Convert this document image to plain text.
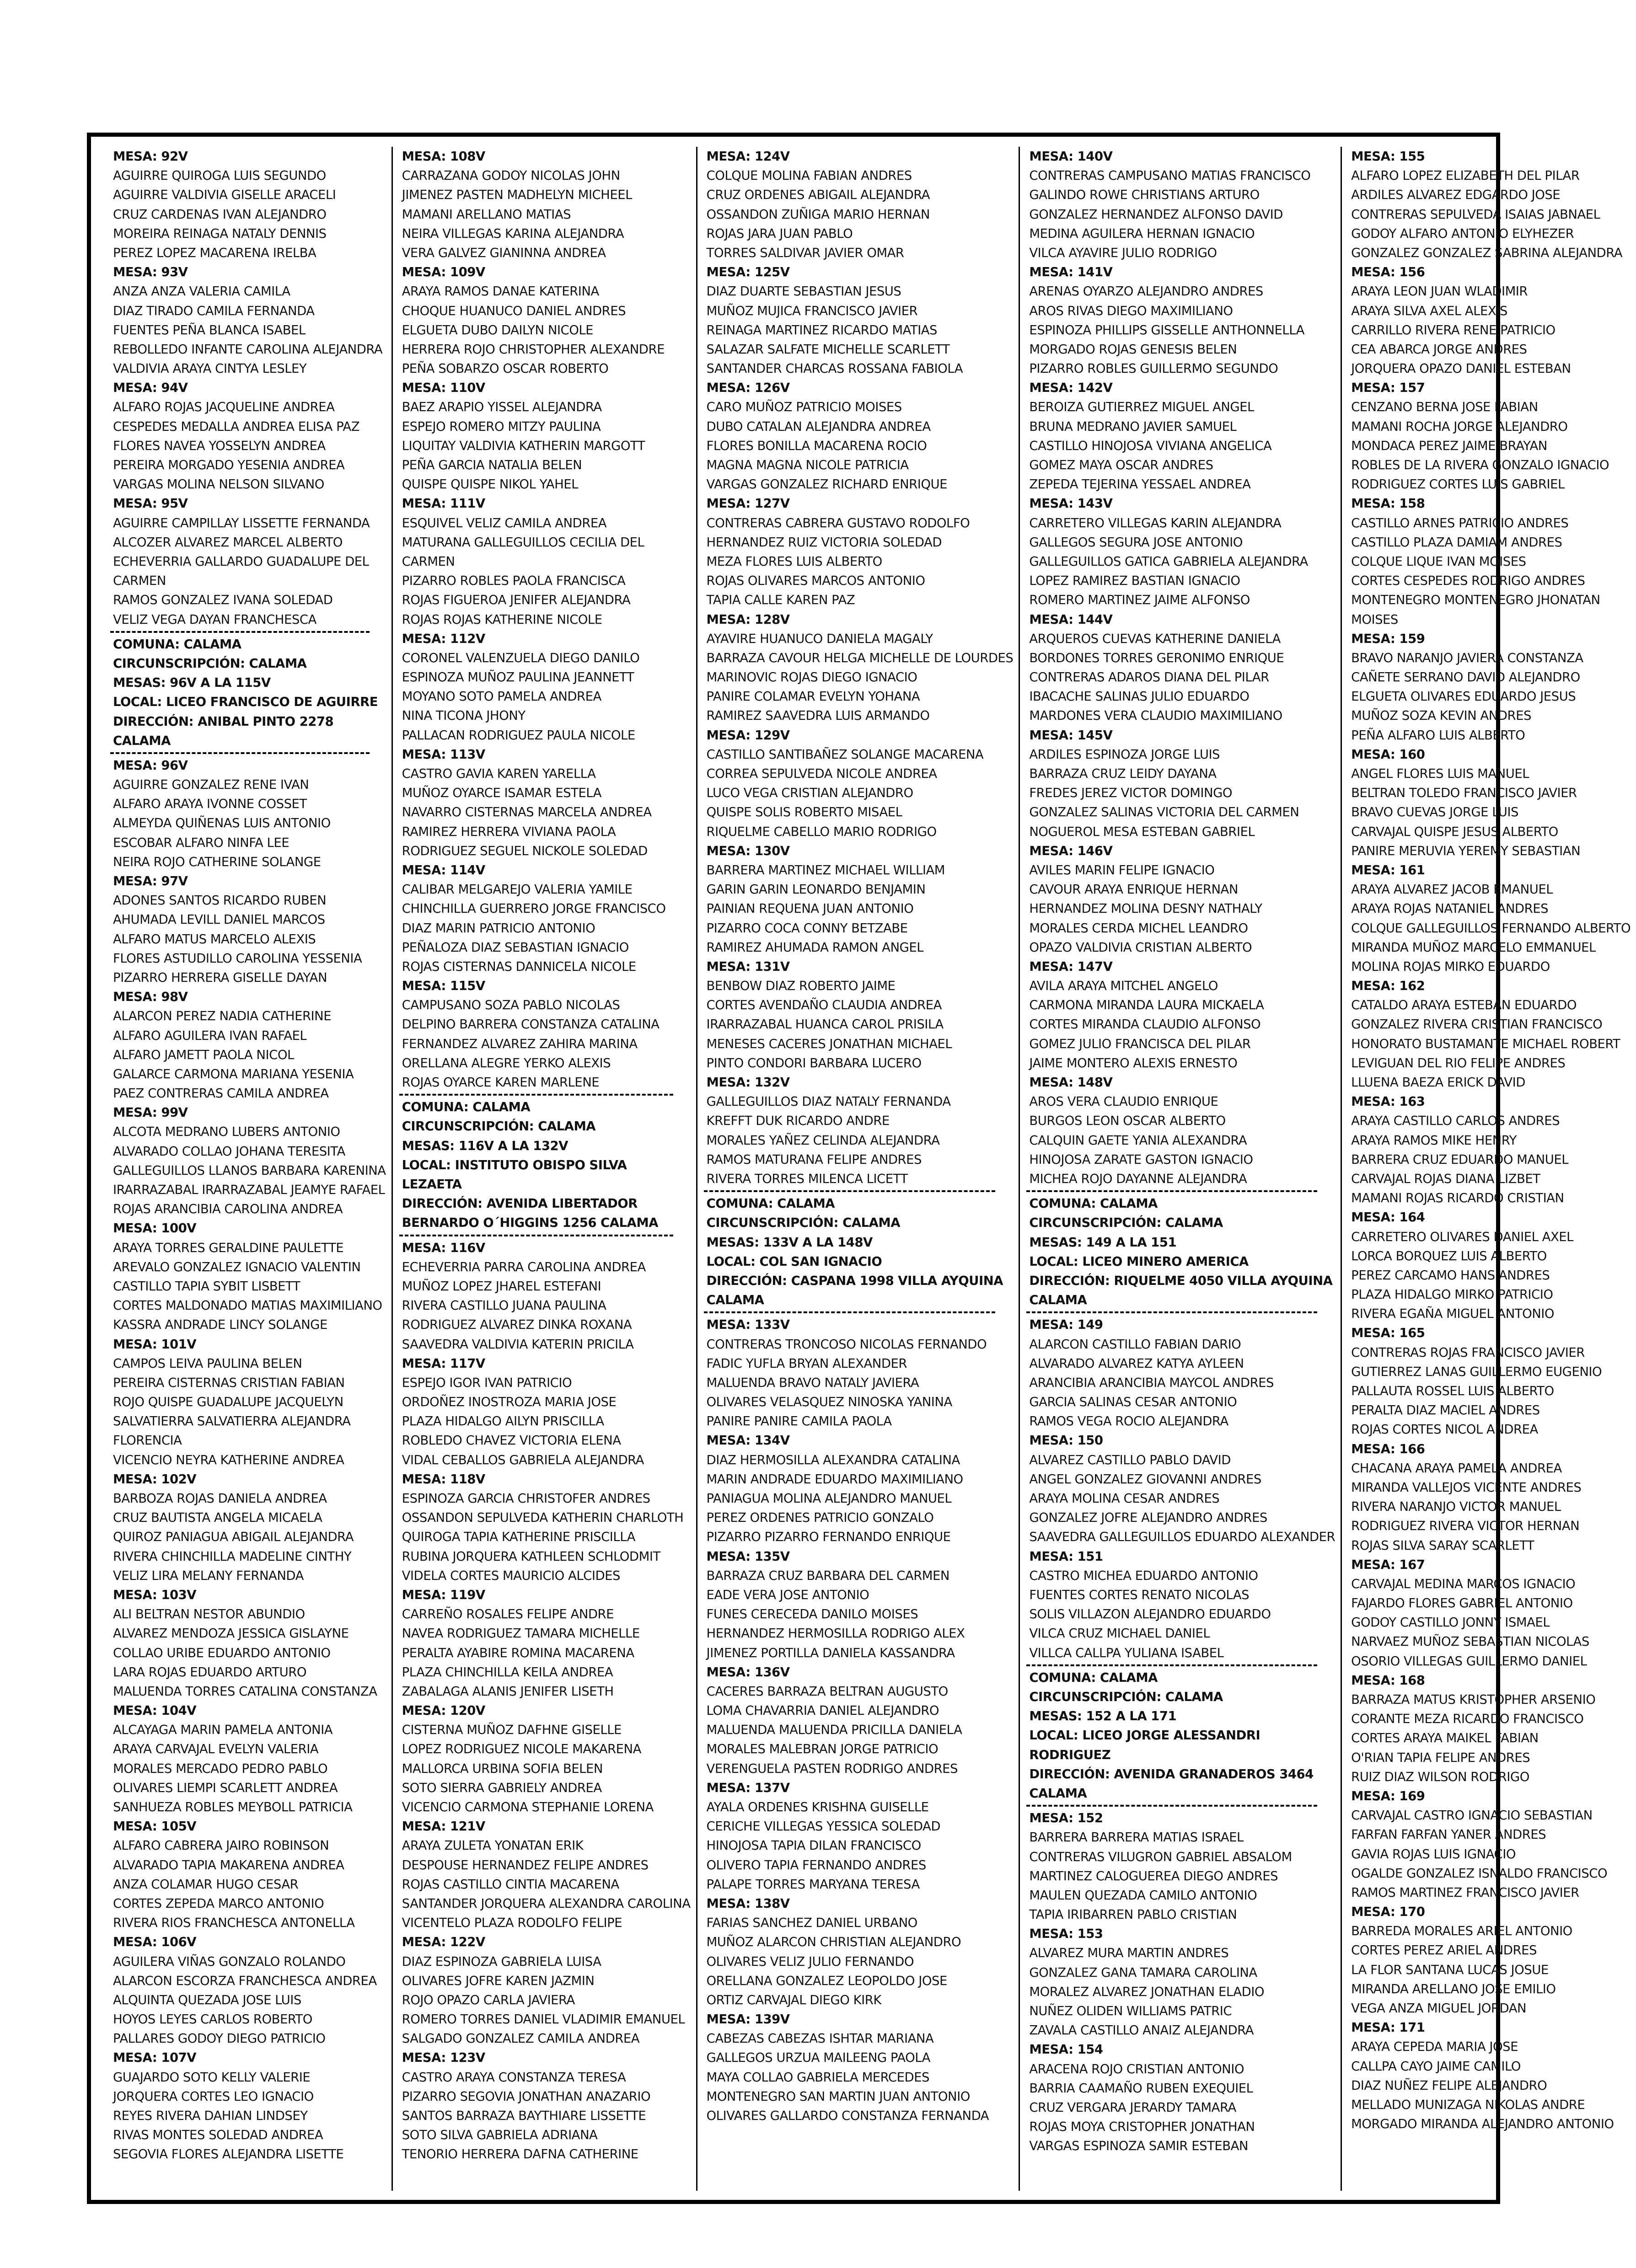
MESA: 92V
AGUIRRE QUIROGA LUIS SEGUNDO
AGUIRRE VALDIVIA GISELLE ARACELI
CRUZ CARDENAS IVAN ALEJANDRO
MOREIRA REINAGA NATALY DENNIS
PEREZ LOPEZ MACARENA IRELBA
MESA: 93V
ANZA ANZA VALERIA CAMILA
DIAZ TIRADO CAMILA FERNANDA
FUENTES PEÑA BLANCA ISABEL
REBOLLEDO INFANTE CAROLINA ALEJANDRA
VALDIVIA ARAYA CINTYA LESLEY
MESA: 94V
ALFARO ROJAS JACQUELINE ANDREA
CESPEDES MEDALLA ANDREA ELISA PAZ
FLORES NAVEA YOSSELYN ANDREA
PEREIRA MORGADO YESENIA ANDREA
VARGAS MOLINA NELSON SILVANO
MESA: 95V
AGUIRRE CAMPILLAY LISSETTE FERNANDA
ALCOZER ALVAREZ MARCEL ALBERTO
ECHEVERRIA GALLARDO GUADALUPE DEL
CARMEN
RAMOS GONZALEZ IVANA SOLEDAD
VELIZ VEGA DAYAN FRANCHESCA
COMUNA: CALAMA
CIRCUNSCRIPCIÓN: CALAMA
MESAS: 96V A LA 115V
LOCAL: LICEO FRANCISCO DE AGUIRRE
DIRECCIÓN: ANIBAL PINTO 2278
CALAMA
MESA: 96V
AGUIRRE GONZALEZ RENE IVAN
ALFARO ARAYA IVONNE COSSET
ALMEYDA QUIÑENAS LUIS ANTONIO
ESCOBAR ALFARO NINFA LEE
NEIRA ROJO CATHERINE SOLANGE
MESA: 97V
ADONES SANTOS RICARDO RUBEN
AHUMADA LEVILL DANIEL MARCOS
ALFARO MATUS MARCELO ALEXIS
FLORES ASTUDILLO CAROLINA YESSENIA
PIZARRO HERRERA GISELLE DAYAN
MESA: 98V
ALARCON PEREZ NADIA CATHERINE
ALFARO AGUILERA IVAN RAFAEL
ALFARO JAMETT PAOLA NICOL
GALARCE CARMONA MARIANA YESENIA
PAEZ CONTRERAS CAMILA ANDREA
MESA: 99V
ALCOTA MEDRANO LUBERS ANTONIO
ALVARADO COLLAO JOHANA TERESITA
GALLEGUILLOS LLANOS BARBARA KARENINA
IRARRAZABAL IRARRAZABAL JEAMYE RAFAEL
ROJAS ARANCIBIA CAROLINA ANDREA
MESA: 100V
ARAYA TORRES GERALDINE PAULETTE
AREVALO GONZALEZ IGNACIO VALENTIN
CASTILLO TAPIA SYBIT LISBETT
CORTES MALDONADO MATIAS MAXIMILIANO
KASSRA ANDRADE LINCY SOLANGE
MESA: 101V
CAMPOS LEIVA PAULINA BELEN
PEREIRA CISTERNAS CRISTIAN FABIAN
ROJO QUISPE GUADALUPE JACQUELYN
SALVATIERRA SALVATIERRA ALEJANDRA
FLORENCIA
VICENCIO NEYRA KATHERINE ANDREA
MESA: 102V
BARBOZA ROJAS DANIELA ANDREA
CRUZ BAUTISTA ANGELA MICAELA
QUIROZ PANIAGUA ABIGAIL ALEJANDRA
RIVERA CHINCHILLA MADELINE CINTHY
VELIZ LIRA MELANY FERNANDA
MESA: 103V
ALI BELTRAN NESTOR ABUNDIO
ALVAREZ MENDOZA JESSICA GISLAYNE
COLLAO URIBE EDUARDO ANTONIO
LARA ROJAS EDUARDO ARTURO
MALUENDA TORRES CATALINA CONSTANZA
MESA: 104V
ALCAYAGA MARIN PAMELA ANTONIA
ARAYA CARVAJAL EVELYN VALERIA
MORALES MERCADO PEDRO PABLO
OLIVARES LIEMPI SCARLETT ANDREA
SANHUEZA ROBLES MEYBOLL PATRICIA
MESA: 105V
ALFARO CABRERA JAIRO ROBINSON
ALVARADO TAPIA MAKARENA ANDREA
ANZA COLAMAR HUGO CESAR
CORTES ZEPEDA MARCO ANTONIO
RIVERA RIOS FRANCHESCA ANTONELLA
MESA: 106V
AGUILERA VIÑAS GONZALO ROLANDO
ALARCON ESCORZA FRANCHESCA ANDREA
ALQUINTA QUEZADA JOSE LUIS
HOYOS LEYES CARLOS ROBERTO
PALLARES GODOY DIEGO PATRICIO
MESA: 107V
GUAJARDO SOTO KELLY VALERIE
JORQUERA CORTES LEO IGNACIO
REYES RIVERA DAHIAN LINDSEY
RIVAS MONTES SOLEDAD ANDREA
SEGOVIA FLORES ALEJANDRA LISETTE
MESA: 108V
CARRAZANA GODOY NICOLAS JOHN
JIMENEZ PASTEN MADHELYN MICHEEL
MAMANI ARELLANO MATIAS
NEIRA VILLEGAS KARINA ALEJANDRA
VERA GALVEZ GIANINNA ANDREA
MESA: 109V
ARAYA RAMOS DANAE KATERINA
CHOQUE HUANUCO DANIEL ANDRES
ELGUETA DUBO DAILYN NICOLE
HERRERA ROJO CHRISTOPHER ALEXANDRE
PEÑA SOBARZO OSCAR ROBERTO
MESA: 110V
BAEZ ARAPIO YISSEL ALEJANDRA
ESPEJO ROMERO MITZY PAULINA
LIQUITAY VALDIVIA KATHERIN MARGOTT
PEÑA GARCIA NATALIA BELEN
QUISPE QUISPE NIKOL YAHEL
MESA: 111V
ESQUIVEL VELIZ CAMILA ANDREA
MATURANA GALLEGUILLOS CECILIA DEL
CARMEN
PIZARRO ROBLES PAOLA FRANCISCA
ROJAS FIGUEROA JENIFER ALEJANDRA
ROJAS ROJAS KATHERINE NICOLE
MESA: 112V
CORONEL VALENZUELA DIEGO DANILO
ESPINOZA MUÑOZ PAULINA JEANNETT
MOYANO SOTO PAMELA ANDREA
NINA TICONA JHONY
PALLACAN RODRIGUEZ PAULA NICOLE
MESA: 113V
CASTRO GAVIA KAREN YARELLA
MUÑOZ OYARCE ISAMAR ESTELA
NAVARRO CISTERNAS MARCELA ANDREA
RAMIREZ HERRERA VIVIANA PAOLA
RODRIGUEZ SEGUEL NICKOLE SOLEDAD
MESA: 114V
CALIBAR MELGAREJO VALERIA YAMILE
CHINCHILLA GUERRERO JORGE FRANCISCO
DIAZ MARIN PATRICIO ANTONIO
PEÑALOZA DIAZ SEBASTIAN IGNACIO
ROJAS CISTERNAS DANNICELA NICOLE
MESA: 115V
CAMPUSANO SOZA PABLO NICOLAS
DELPINO BARRERA CONSTANZA CATALINA
FERNANDEZ ALVAREZ ZAHIRA MARINA
ORELLANA ALEGRE YERKO ALEXIS
ROJAS OYARCE KAREN MARLENE
COMUNA: CALAMA
CIRCUNSCRIPCIÓN: CALAMA
MESAS: 116V A LA 132V
LOCAL: INSTITUTO OBISPO SILVA LEZAETA
DIRECCIÓN: AVENIDA LIBERTADOR
BERNARDO O´HIGGINS 1256 CALAMA
MESA: 116V
ECHEVERRIA PARRA CAROLINA ANDREA
MUÑOZ LOPEZ JHAREL ESTEFANI
RIVERA CASTILLO JUANA PAULINA
RODRIGUEZ ALVAREZ DINKA ROXANA
SAAVEDRA VALDIVIA KATERIN PRICILA
MESA: 117V
ESPEJO IGOR IVAN PATRICIO
ORDOÑEZ INOSTROZA MARIA JOSE
PLAZA HIDALGO AILYN PRISCILLA
ROBLEDO CHAVEZ VICTORIA ELENA
VIDAL CEBALLOS GABRIELA ALEJANDRA
MESA: 118V
ESPINOZA GARCIA CHRISTOFER ANDRES
OSSANDON SEPULVEDA KATHERIN CHARLOTH
QUIROGA TAPIA KATHERINE PRISCILLA
RUBINA JORQUERA KATHLEEN SCHLODMIT
VIDELA CORTES MAURICIO ALCIDES
MESA: 119V
CARREÑO ROSALES FELIPE ANDRE
NAVEA RODRIGUEZ TAMARA MICHELLE
PERALTA AYABIRE ROMINA MACARENA
PLAZA CHINCHILLA KEILA ANDREA
ZABALAGA ALANIS JENIFER LISETH
MESA: 120V
CISTERNA MUÑOZ DAFHNE GISELLE
LOPEZ RODRIGUEZ NICOLE MAKARENA
MALLORCA URBINA SOFIA BELEN
SOTO SIERRA GABRIELY ANDREA
VICENCIO CARMONA STEPHANIE LORENA
MESA: 121V
ARAYA ZULETA YONATAN ERIK
DESPOUSE HERNANDEZ FELIPE ANDRES
ROJAS CASTILLO CINTIA MACARENA
SANTANDER JORQUERA ALEXANDRA CAROLINA
VICENTELO PLAZA RODOLFO FELIPE
MESA: 122V
DIAZ ESPINOZA GABRIELA LUISA
OLIVARES JOFRE KAREN JAZMIN
ROJO OPAZO CARLA JAVIERA
ROMERO TORRES DANIEL VLADIMIR EMANUEL
SALGADO GONZALEZ CAMILA ANDREA
MESA: 123V
CASTRO ARAYA CONSTANZA TERESA
PIZARRO SEGOVIA JONATHAN ANAZARIO
SANTOS BARRAZA BAYTHIARE LISSETTE
SOTO SILVA GABRIELA ADRIANA
TENORIO HERRERA DAFNA CATHERINE
MESA: 124V
COLQUE MOLINA FABIAN ANDRES
CRUZ ORDENES ABIGAIL ALEJANDRA
OSSANDON ZUÑIGA MARIO HERNAN
ROJAS JARA JUAN PABLO
TORRES SALDIVAR JAVIER OMAR
MESA: 125V
DIAZ DUARTE SEBASTIAN JESUS
MUÑOZ MUJICA FRANCISCO JAVIER
REINAGA MARTINEZ RICARDO MATIAS
SALAZAR SALFATE MICHELLE SCARLETT
SANTANDER CHARCAS ROSSANA FABIOLA
MESA: 126V
CARO MUÑOZ PATRICIO MOISES
DUBO CATALAN ALEJANDRA ANDREA
FLORES BONILLA MACARENA ROCIO
MAGNA MAGNA NICOLE PATRICIA
VARGAS GONZALEZ RICHARD ENRIQUE
MESA: 127V
CONTRERAS CABRERA GUSTAVO RODOLFO
HERNANDEZ RUIZ VICTORIA SOLEDAD
MEZA FLORES LUIS ALBERTO
ROJAS OLIVARES MARCOS ANTONIO
TAPIA CALLE KAREN PAZ
MESA: 128V
AYAVIRE HUANUCO DANIELA MAGALY
BARRAZA CAVOUR HELGA MICHELLE DE LOURDES
MARINOVIC ROJAS DIEGO IGNACIO
PANIRE COLAMAR EVELYN YOHANA
RAMIREZ SAAVEDRA LUIS ARMANDO
MESA: 129V
CASTILLO SANTIBAÑEZ SOLANGE MACARENA
CORREA SEPULVEDA NICOLE ANDREA
LUCO VEGA CRISTIAN ALEJANDRO
QUISPE SOLIS ROBERTO MISAEL
RIQUELME CABELLO MARIO RODRIGO
MESA: 130V
BARRERA MARTINEZ MICHAEL WILLIAM
GARIN GARIN LEONARDO BENJAMIN
PAINIAN REQUENA JUAN ANTONIO
PIZARRO COCA CONNY BETZABE
RAMIREZ AHUMADA RAMON ANGEL
MESA: 131V
BENBOW DIAZ ROBERTO JAIME
CORTES AVENDAÑO CLAUDIA ANDREA
IRARRAZABAL HUANCA CAROL PRISILA
MENESES CACERES JONATHAN MICHAEL
PINTO CONDORI BARBARA LUCERO
MESA: 132V
GALLEGUILLOS DIAZ NATALY FERNANDA
KREFFT DUK RICARDO ANDRE
MORALES YAÑEZ CELINDA ALEJANDRA
RAMOS MATURANA FELIPE ANDRES
RIVERA TORRES MILENCA LICETT
COMUNA: CALAMA
CIRCUNSCRIPCIÓN: CALAMA
MESAS: 133V A LA 148V
LOCAL: COL SAN IGNACIO
DIRECCIÓN: CASPANA 1998 VILLA AYQUINA
CALAMA
MESA: 133V
CONTRERAS TRONCOSO NICOLAS FERNANDO
FADIC YUFLA BRYAN ALEXANDER
MALUENDA BRAVO NATALY JAVIERA
OLIVARES VELASQUEZ NINOSKA YANINA
PANIRE PANIRE CAMILA PAOLA
MESA: 134V
DIAZ HERMOSILLA ALEXANDRA CATALINA
MARIN ANDRADE EDUARDO MAXIMILIANO
PANIAGUA MOLINA ALEJANDRO MANUEL
PEREZ ORDENES PATRICIO GONZALO
PIZARRO PIZARRO FERNANDO ENRIQUE
MESA: 135V
BARRAZA CRUZ BARBARA DEL CARMEN
EADE VERA JOSE ANTONIO
FUNES CERECEDA DANILO MOISES
HERNANDEZ HERMOSILLA RODRIGO ALEX
JIMENEZ PORTILLA DANIELA KASSANDRA
MESA: 136V
CACERES BARRAZA BELTRAN AUGUSTO
LOMA CHAVARRIA DANIEL ALEJANDRO
MALUENDA MALUENDA PRICILLA DANIELA
MORALES MALEBRAN JORGE PATRICIO
VERENGUELA PASTEN RODRIGO ANDRES
MESA: 137V
AYALA ORDENES KRISHNA GUISELLE
CERICHE VILLEGAS YESSICA SOLEDAD
HINOJOSA TAPIA DILAN FRANCISCO
OLIVERO TAPIA FERNANDO ANDRES
PALAPE TORRES MARYANA TERESA
MESA: 138V
FARIAS SANCHEZ DANIEL URBANO
MUÑOZ ALARCON CHRISTIAN ALEJANDRO
OLIVARES VELIZ JULIO FERNANDO
ORELLANA GONZALEZ LEOPOLDO JOSE
ORTIZ CARVAJAL DIEGO KIRK
MESA: 139V
CABEZAS CABEZAS ISHTAR MARIANA
GALLEGOS URZUA MAILEENG PAOLA
MAYA COLLAO GABRIELA MERCEDES
MONTENEGRO SAN MARTIN JUAN ANTONIO
OLIVARES GALLARDO CONSTANZA FERNANDA
MESA: 140V
CONTRERAS CAMPUSANO MATIAS FRANCISCO
GALINDO ROWE CHRISTIANS ARTURO
GONZALEZ HERNANDEZ ALFONSO DAVID
MEDINA AGUILERA HERNAN IGNACIO
VILCA AYAVIRE JULIO RODRIGO
MESA: 141V
ARENAS OYARZO ALEJANDRO ANDRES
AROS RIVAS DIEGO MAXIMILIANO
ESPINOZA PHILLIPS GISSELLE ANTHONNELLA
MORGADO ROJAS GENESIS BELEN
PIZARRO ROBLES GUILLERMO SEGUNDO
MESA: 142V
BEROIZA GUTIERREZ MIGUEL ANGEL
BRUNA MEDRANO JAVIER SAMUEL
CASTILLO HINOJOSA VIVIANA ANGELICA
GOMEZ MAYA OSCAR ANDRES
ZEPEDA TEJERINA YESSAEL ANDREA
MESA: 143V
CARRETERO VILLEGAS KARIN ALEJANDRA
GALLEGOS SEGURA JOSE ANTONIO
GALLEGUILLOS GATICA GABRIELA ALEJANDRA
LOPEZ RAMIREZ BASTIAN IGNACIO
ROMERO MARTINEZ JAIME ALFONSO
MESA: 144V
ARQUEROS CUEVAS KATHERINE DANIELA
BORDONES TORRES GERONIMO ENRIQUE
CONTRERAS ADAROS DIANA DEL PILAR
IBACACHE SALINAS JULIO EDUARDO
MARDONES VERA CLAUDIO MAXIMILIANO
MESA: 145V
ARDILES ESPINOZA JORGE LUIS
BARRAZA CRUZ LEIDY DAYANA
FREDES JEREZ VICTOR DOMINGO
GONZALEZ SALINAS VICTORIA DEL CARMEN
NOGUEROL MESA ESTEBAN GABRIEL
MESA: 146V
AVILES MARIN FELIPE IGNACIO
CAVOUR ARAYA ENRIQUE HERNAN
HERNANDEZ MOLINA DESNY NATHALY
MORALES CERDA MICHEL LEANDRO
OPAZO VALDIVIA CRISTIAN ALBERTO
MESA: 147V
AVILA ARAYA MITCHEL ANGELO
CARMONA MIRANDA LAURA MICKAELA
CORTES MIRANDA CLAUDIO ALFONSO
GOMEZ JULIO FRANCISCA DEL PILAR
JAIME MONTERO ALEXIS ERNESTO
MESA: 148V
AROS VERA CLAUDIO ENRIQUE
BURGOS LEON OSCAR ALBERTO
CALQUIN GAETE YANIA ALEXANDRA
HINOJOSA ZARATE GASTON IGNACIO
MICHEA ROJO DAYANNE ALEJANDRA
COMUNA: CALAMA
CIRCUNSCRIPCIÓN: CALAMA
MESAS: 149 A LA 151
LOCAL: LICEO MINERO AMERICA
DIRECCIÓN: RIQUELME 4050 VILLA AYQUINA
CALAMA
MESA: 149
ALARCON CASTILLO FABIAN DARIO
ALVARADO ALVAREZ KATYA AYLEEN
ARANCIBIA ARANCIBIA MAYCOL ANDRES
GARCIA SALINAS CESAR ANTONIO
RAMOS VEGA ROCIO ALEJANDRA
MESA: 150
ALVAREZ CASTILLO PABLO DAVID
ANGEL GONZALEZ GIOVANNI ANDRES
ARAYA MOLINA CESAR ANDRES
GONZALEZ JOFRE ALEJANDRO ANDRES
SAAVEDRA GALLEGUILLOS EDUARDO ALEXANDER
MESA: 151
CASTRO MICHEA EDUARDO ANTONIO
FUENTES CORTES RENATO NICOLAS
SOLIS VILLAZON ALEJANDRO EDUARDO
VILCA CRUZ MICHAEL DANIEL
VILLCA CALLPA YULIANA ISABEL
COMUNA: CALAMA
CIRCUNSCRIPCIÓN: CALAMA
MESAS: 152 A LA 171
LOCAL: LICEO JORGE ALESSANDRI
RODRIGUEZ
DIRECCIÓN: AVENIDA GRANADEROS 3464
CALAMA
MESA: 152
BARRERA BARRERA MATIAS ISRAEL
CONTRERAS VILUGRON GABRIEL ABSALOM
MARTINEZ CALOGUEREA DIEGO ANDRES
MAULEN QUEZADA CAMILO ANTONIO
TAPIA IRIBARREN PABLO CRISTIAN
MESA: 153
ALVAREZ MURA MARTIN ANDRES
GONZALEZ GANA TAMARA CAROLINA
MORALEZ ALVAREZ JONATHAN ELADIO
NUÑEZ OLIDEN WILLIAMS PATRIC
ZAVALA CASTILLO ANAIZ ALEJANDRA
MESA: 154
ARACENA ROJO CRISTIAN ANTONIO
BARRIA CAAMAÑO RUBEN EXEQUIEL
CRUZ VERGARA JERARDY TAMARA
ROJAS MOYA CRISTOPHER JONATHAN
VARGAS ESPINOZA SAMIR ESTEBAN
MESA: 155
ALFARO LOPEZ ELIZABETH DEL PILAR
ARDILES ALVAREZ EDGARDO JOSE
CONTRERAS SEPULVEDA ISAIAS JABNAEL
GODOY ALFARO ANTONIO ELYHEZER
GONZALEZ GONZALEZ SABRINA ALEJANDRA
MESA: 156
ARAYA LEON JUAN WLADIMIR
ARAYA SILVA AXEL ALEXIS
CARRILLO RIVERA RENE PATRICIO
CEA ABARCA JORGE ANDRES
JORQUERA OPAZO DANIEL ESTEBAN
MESA: 157
CENZANO BERNA JOSE FABIAN
MAMANI ROCHA JORGE ALEJANDRO
MONDACA PEREZ JAIME BRAYAN
ROBLES DE LA RIVERA GONZALO IGNACIO
RODRIGUEZ CORTES LUIS GABRIEL
MESA: 158
CASTILLO ARNES PATRICIO ANDRES
CASTILLO PLAZA DAMIAM ANDRES
COLQUE LIQUE IVAN MOISES
CORTES CESPEDES RODRIGO ANDRES
MONTENEGRO MONTENEGRO JHONATAN
MOISES
MESA: 159
BRAVO NARANJO JAVIERA CONSTANZA
CAÑETE SERRANO DAVID ALEJANDRO
ELGUETA OLIVARES EDUARDO JESUS
MUÑOZ SOZA KEVIN ANDRES
PEÑA ALFARO LUIS ALBERTO
MESA: 160
ANGEL FLORES LUIS MANUEL
BELTRAN TOLEDO FRANCISCO JAVIER
BRAVO CUEVAS JORGE LUIS
CARVAJAL QUISPE JESUS ALBERTO
PANIRE MERUVIA YEREMY SEBASTIAN
MESA: 161
ARAYA ALVAREZ JACOB EMANUEL
ARAYA ROJAS NATANIEL ANDRES
COLQUE GALLEGUILLOS FERNANDO ALBERTO
MIRANDA MUÑOZ MARCELO EMMANUEL
MOLINA ROJAS MIRKO EDUARDO
MESA: 162
CATALDO ARAYA ESTEBAN EDUARDO
GONZALEZ RIVERA CRISTIAN FRANCISCO
HONORATO BUSTAMANTE MICHAEL ROBERT
LEVIGUAN DEL RIO FELIPE ANDRES
LLUENA BAEZA ERICK DAVID
MESA: 163
ARAYA CASTILLO CARLOS ANDRES
ARAYA RAMOS MIKE HENRY
BARRERA CRUZ EDUARDO MANUEL
CARVAJAL ROJAS DIANA LIZBET
MAMANI ROJAS RICARDO CRISTIAN
MESA: 164
CARRETERO OLIVARES DANIEL AXEL
LORCA BORQUEZ LUIS ALBERTO
PEREZ CARCAMO HANS ANDRES
PLAZA HIDALGO MIRKO PATRICIO
RIVERA EGAÑA MIGUEL ANTONIO
MESA: 165
CONTRERAS ROJAS FRANCISCO JAVIER
GUTIERREZ LANAS GUILLERMO EUGENIO
PALLAUTA ROSSEL LUIS ALBERTO
PERALTA DIAZ MACIEL ANDRES
ROJAS CORTES NICOL ANDREA
MESA: 166
CHACANA ARAYA PAMELA ANDREA
MIRANDA VALLEJOS VICENTE ANDRES
RIVERA NARANJO VICTOR MANUEL
RODRIGUEZ RIVERA VICTOR HERNAN
ROJAS SILVA SARAY SCARLETT
MESA: 167
CARVAJAL MEDINA MARCOS IGNACIO
FAJARDO FLORES GABRIEL ANTONIO
GODOY CASTILLO JONNY ISMAEL
NARVAEZ MUÑOZ SEBASTIAN NICOLAS
OSORIO VILLEGAS GUILLERMO DANIEL
MESA: 168
BARRAZA MATUS KRISTOPHER ARSENIO
CORANTE MEZA RICARDO FRANCISCO
CORTES ARAYA MAIKEL FABIAN
O'RIAN TAPIA FELIPE ANDRES
RUIZ DIAZ WILSON RODRIGO
MESA: 169
CARVAJAL CASTRO IGNACIO SEBASTIAN
FARFAN FARFAN YANER ANDRES
GAVIA ROJAS LUIS IGNACIO
OGALDE GONZALEZ ISNALDO FRANCISCO
RAMOS MARTINEZ FRANCISCO JAVIER
MESA: 170
BARREDA MORALES ARIEL ANTONIO
CORTES PEREZ ARIEL ANDRES
LA FLOR SANTANA LUCAS JOSUE
MIRANDA ARELLANO JOSE EMILIO
VEGA ANZA MIGUEL JORDAN
MESA: 171
ARAYA CEPEDA MARIA JOSE
CALLPA CAYO JAIME CAMILO
DIAZ NUÑEZ FELIPE ALEJANDRO
MELLADO MUNIZAGA NIKOLAS ANDRE
MORGADO MIRANDA ALEJANDRO ANTONIO
